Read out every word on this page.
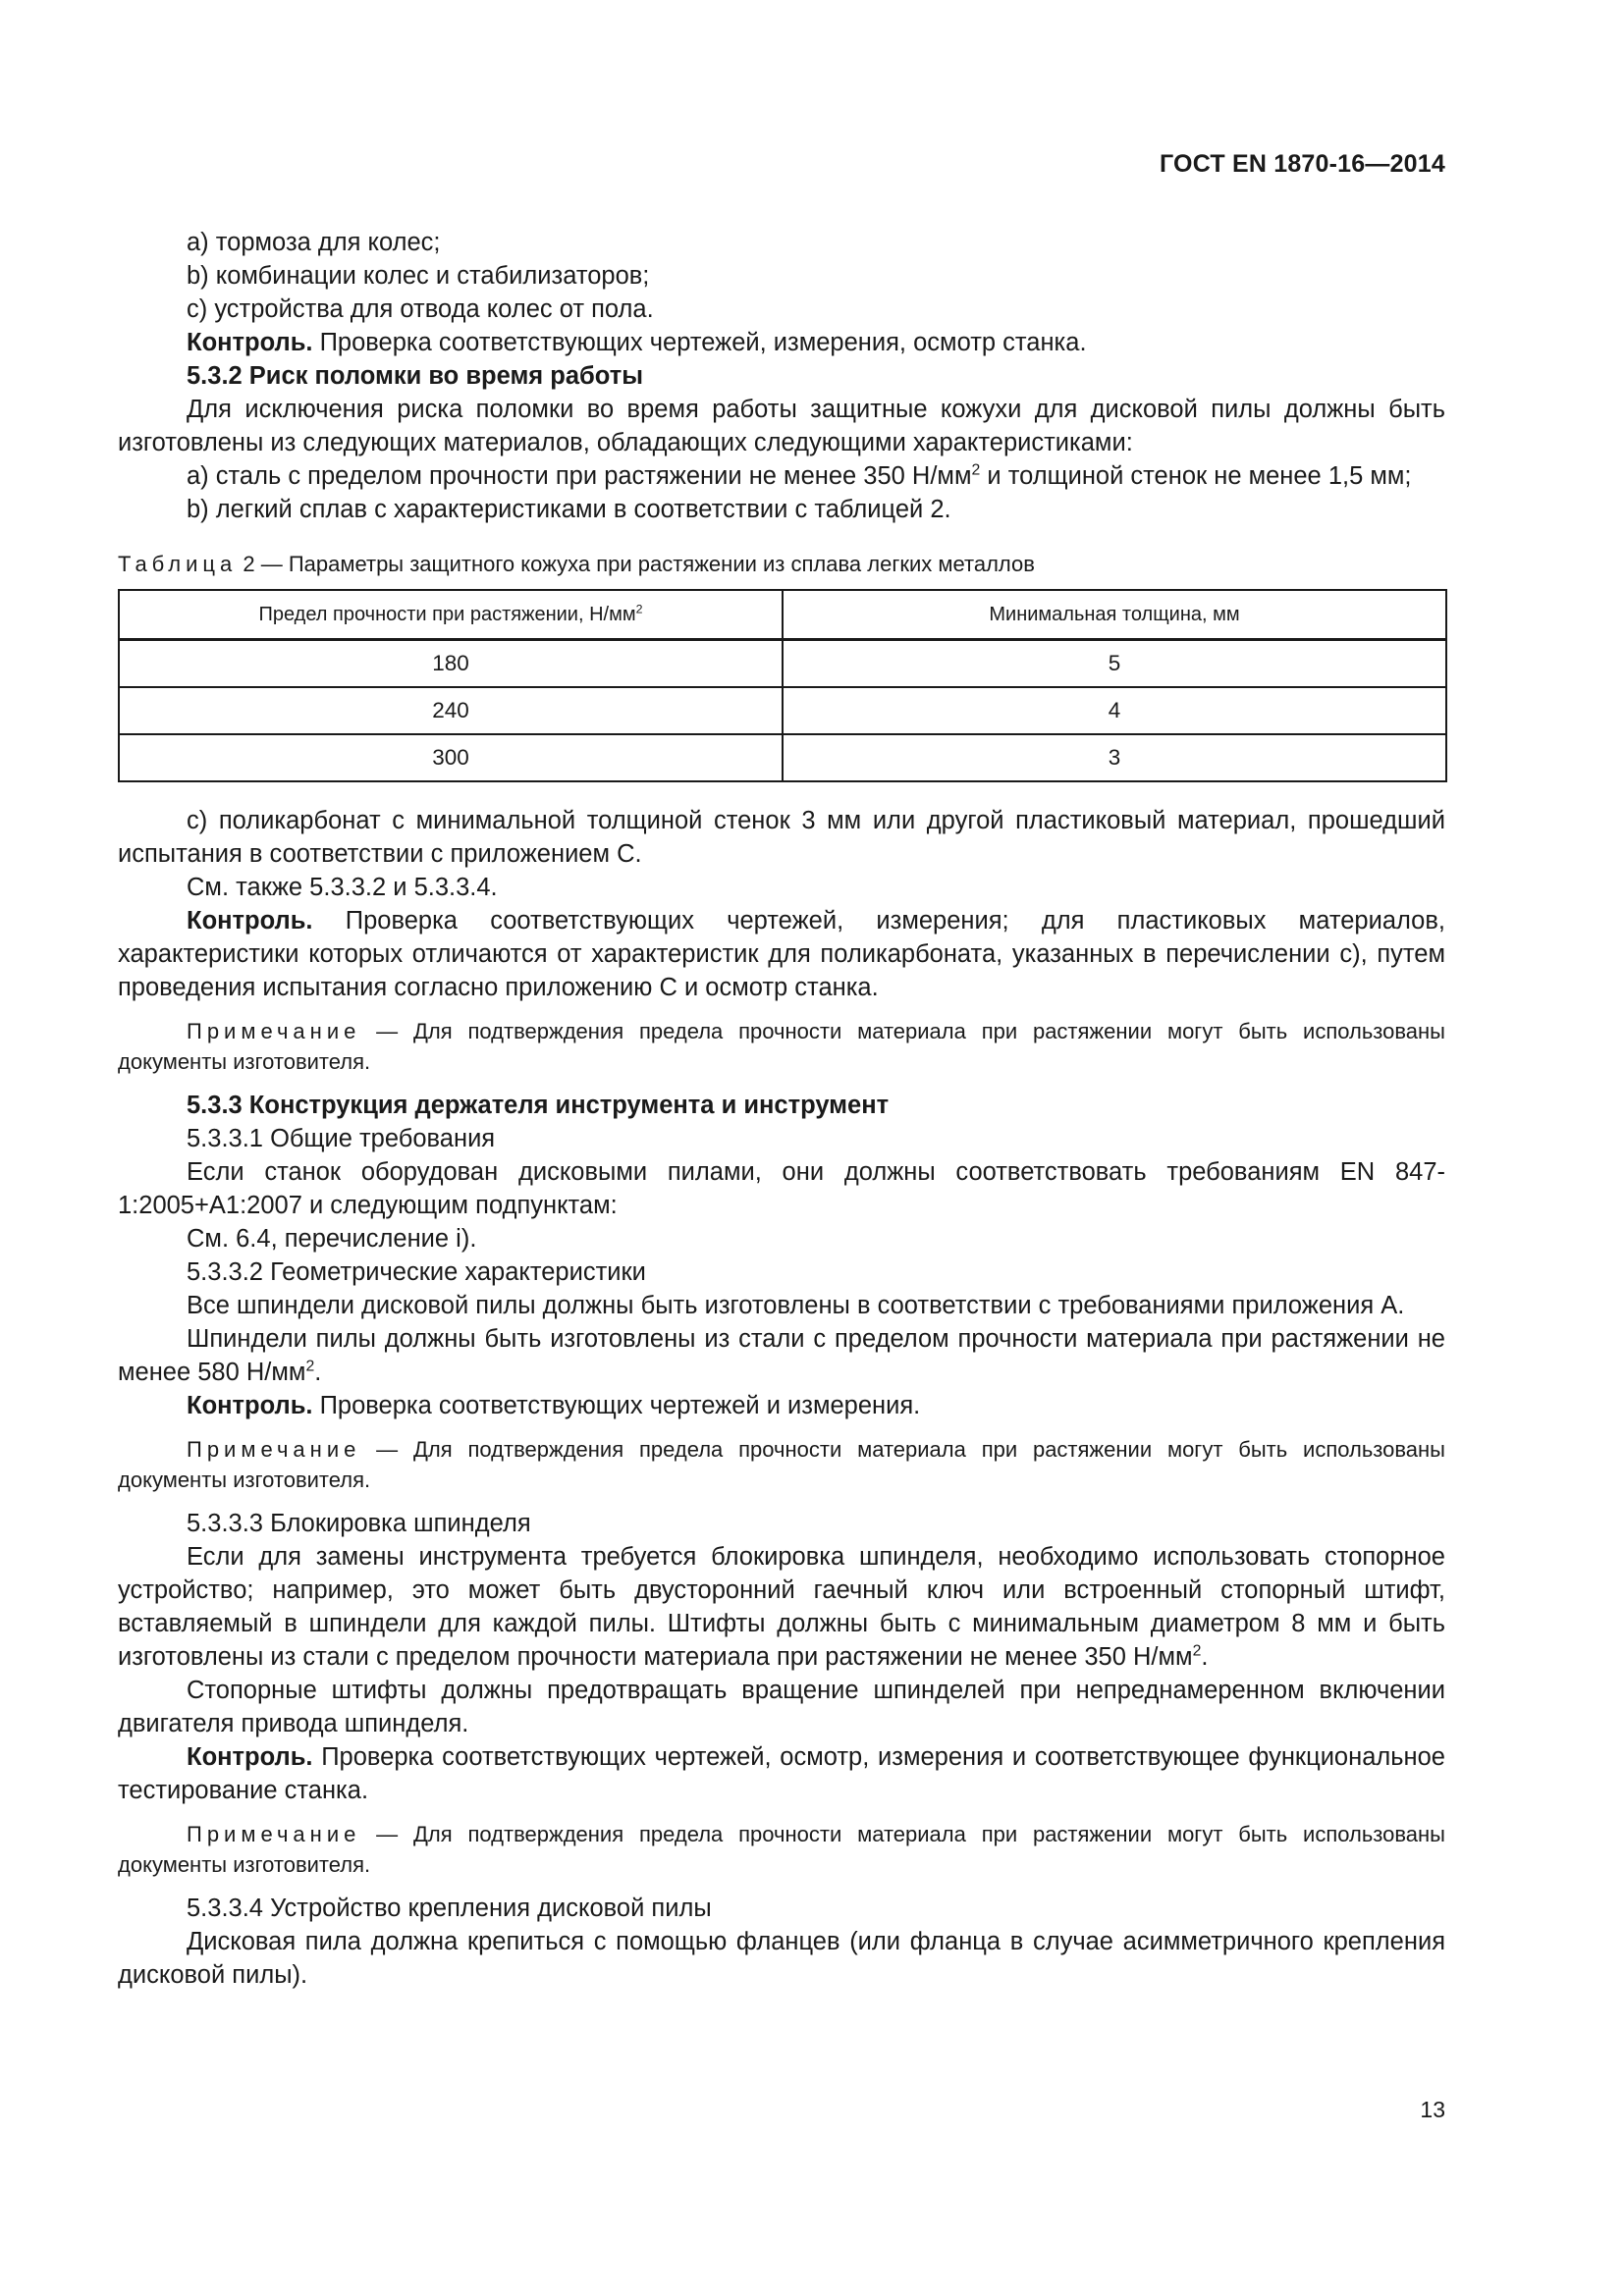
ГОСТ EN 1870-16—2014

а) тормоза для колес;

b) комбинации колес и стабилизаторов;

с) устройства для отвода колес от пола.

Контроль. Проверка соответствующих чертежей, измерения, осмотр станка.

5.3.2 Риск поломки во время работы

Для исключения риска поломки во время работы защитные кожухи для дисковой пилы должны быть изготовлены из следующих материалов, обладающих следующими характеристиками:

а) сталь с пределом прочности при растяжении не менее 350 $Н/мм^2$ и толщиной стенок не менее 1,5 мм;

b) легкий сплав с характеристиками в соответствии с таблицей 2.

Таблица 2 — Параметры защитного кожуха при растяжении из сплава легких металлов

Предел прочности при растяжении, $Н/мм^2$	Минимальная толщина, мм
180	5
240	4
300	3

с) поликарбонат с минимальной толщиной стенок 3 мм или другой пластиковый материал, прошедший испытания в соответствии с приложением С.

См. также 5.3.3.2 и 5.3.3.4.

Контроль. Проверка соответствующих чертежей, измерения; для пластиковых материалов, характеристики которых отличаются от характеристик для поликарбоната, указанных в перечислении с), путем проведения испытания согласно приложению С и осмотр станка.

Примечание — Для подтверждения предела прочности материала при растяжении могут быть использованы документы изготовителя.

5.3.3 Конструкция держателя инструмента и инструмент

5.3.3.1 Общие требования

Если станок оборудован дисковыми пилами, они должны соответствовать требованиям EN 847-1:2005+A1:2007 и следующим подпунктам:

См. 6.4, перечисление i).

5.3.3.2 Геометрические характеристики

Все шпиндели дисковой пилы должны быть изготовлены в соответствии с требованиями приложения А.

Шпиндели пилы должны быть изготовлены из стали с пределом прочности материала при растяжении не менее 580 $Н/мм^2$.

Контроль. Проверка соответствующих чертежей и измерения.

Примечание — Для подтверждения предела прочности материала при растяжении могут быть использованы документы изготовителя.

5.3.3.3 Блокировка шпинделя

Если для замены инструмента требуется блокировка шпинделя, необходимо использовать стопорное устройство; например, это может быть двусторонний гаечный ключ или встроенный стопорный штифт, вставляемый в шпиндели для каждой пилы. Штифты должны быть с минимальным диаметром 8 мм и быть изготовлены из стали с пределом прочности материала при растяжении не менее 350 $Н/мм^2$.

Стопорные штифты должны предотвращать вращение шпинделей при непреднамеренном включении двигателя привода шпинделя.

Контроль. Проверка соответствующих чертежей, осмотр, измерения и соответствующее функциональное тестирование станка.

Примечание — Для подтверждения предела прочности материала при растяжении могут быть использованы документы изготовителя.

5.3.3.4 Устройство крепления дисковой пилы

Дисковая пила должна крепиться с помощью фланцев (или фланца в случае асимметричного крепления дисковой пилы).

13
